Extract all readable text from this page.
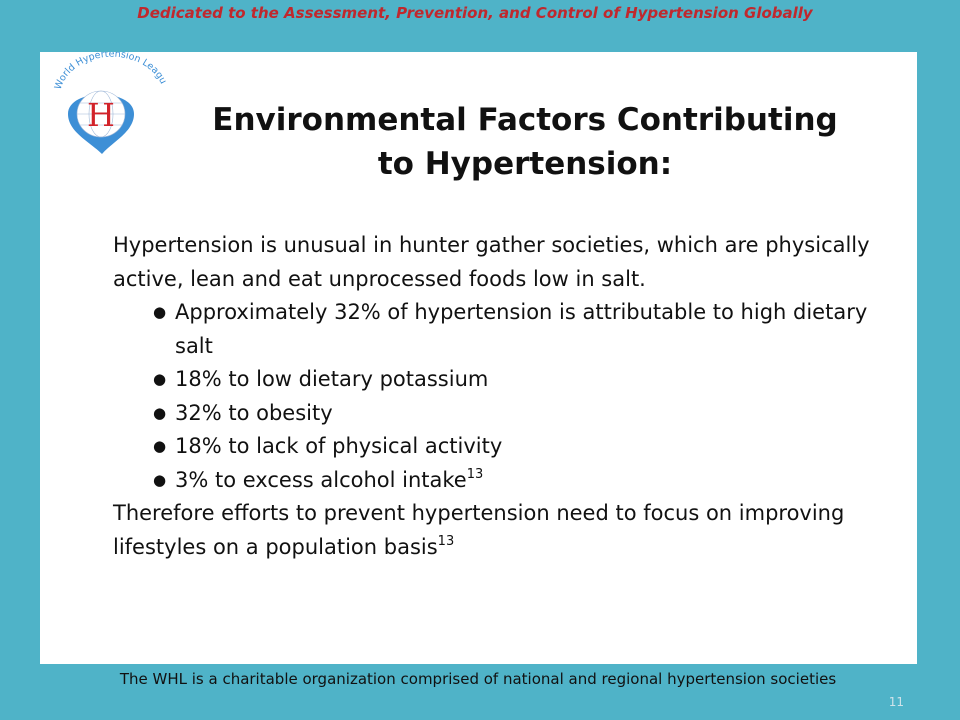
Dedicated to the Assessment, Prevention, and Control of Hypertension Globally
World Hypertension Leagu
H	Environmental Factors Contributing to Hypertension:

Hypertension is unusual in hunter gather societies, which are physically active, lean and eat unprocessed foods low in salt.

● Approximately 32% of hypertension is attributable to high dietary salt
● 18% to low dietary potassium
● 32% to obesity
● 18% to lack of physical activity
● 3% to excess alcohol intake$^{13}$

Therefore efforts to prevent hypertension need to focus on improving lifestyles on a population basis$^{13}$

The WHL is a charitable organization comprised of national and regional hypertension societies
11
